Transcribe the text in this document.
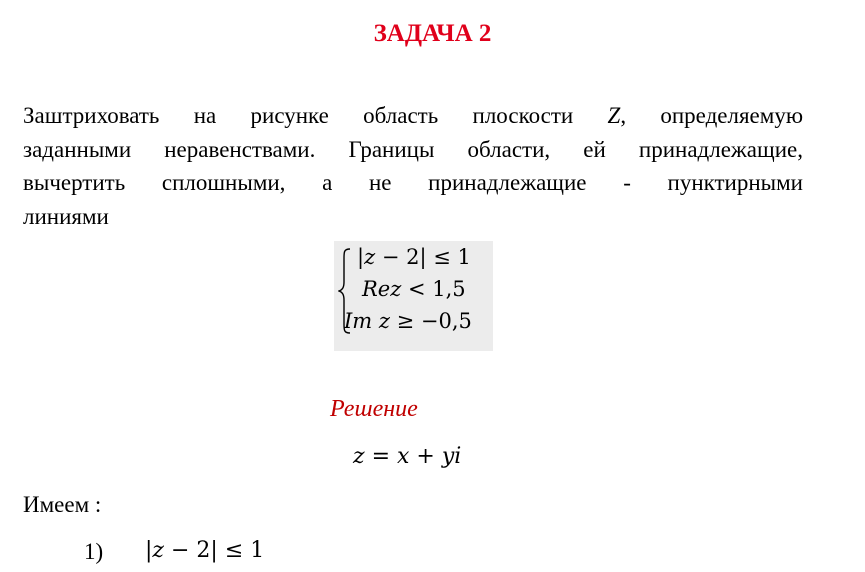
ЗАДАЧА 2
Заштриховать на рисунке область плоскости Z, определяемую
заданными неравенствами. Границы области, ей принадлежащие,
вычертить сплошными, а не принадлежащие - пунктирными
линиями
|𝑧 − 2| ≤ 1
𝑅𝑒𝑧 < 1,5
𝐼𝑚 𝑧 ≥ −0,5
Решение
𝑧 = 𝑥 + 𝑦𝑖
Имеем :
1) |𝑧 − 2| ≤ 1
